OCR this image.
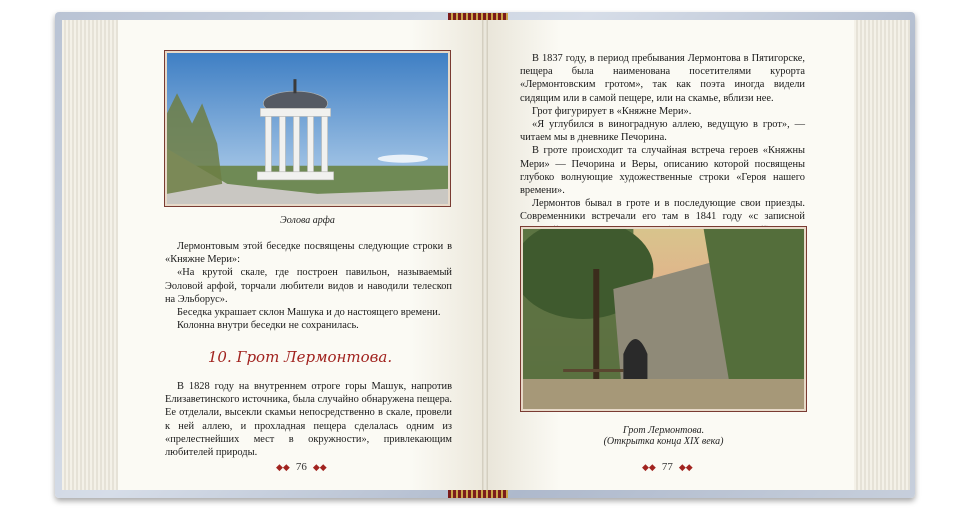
Эолова арфа

Лермонтовым этой беседке посвящены следующие строки в «Княжне Мери»:

«На крутой скале, где построен павильон, называемый Эоловой арфой, торчали любители видов и наводили телескоп на Эльборус».

Беседка украшает склон Машука и до настоящего времени.

Колонна внутри беседки не сохранилась.

10. Грот Лермонтова.

В 1828 году на внутреннем отроге горы Машук, напротив Елизаветинского источника, была случайно обнаружена пещера. Ее отделали, высекли скамьи непосредственно в скале, провели к ней аллею, и прохладная пещера сделалась одним из «прелестнейших мест в окружности», привлекающим любителей природы.

◆◆ 76 ◆◆

В 1837 году, в период пребывания Лермонтова в Пятигорске, пещера была наименована посетителями курорта «Лермонтовским гротом», так как поэта иногда видели сидящим или в самой пещере, или на скамье, вблизи нее.

Грот фигурирует в «Княжне Мери».

«Я углубился в виноградную аллею, ведущую в грот», — читаем мы в дневнике Печорина.

В гроте происходит та случайная встреча героев «Княжны Мери» — Печорина и Веры, описанию которой посвящены глубоко волнующие художественные строки «Героя нашего времени».

Лермонтов бывал в гроте и в последующие свои приезды. Современники встречали его там в 1841 году «с записной

Грот Лермонтова.
(Открытка конца XIX века)
◆◆ 77 ◆◆
